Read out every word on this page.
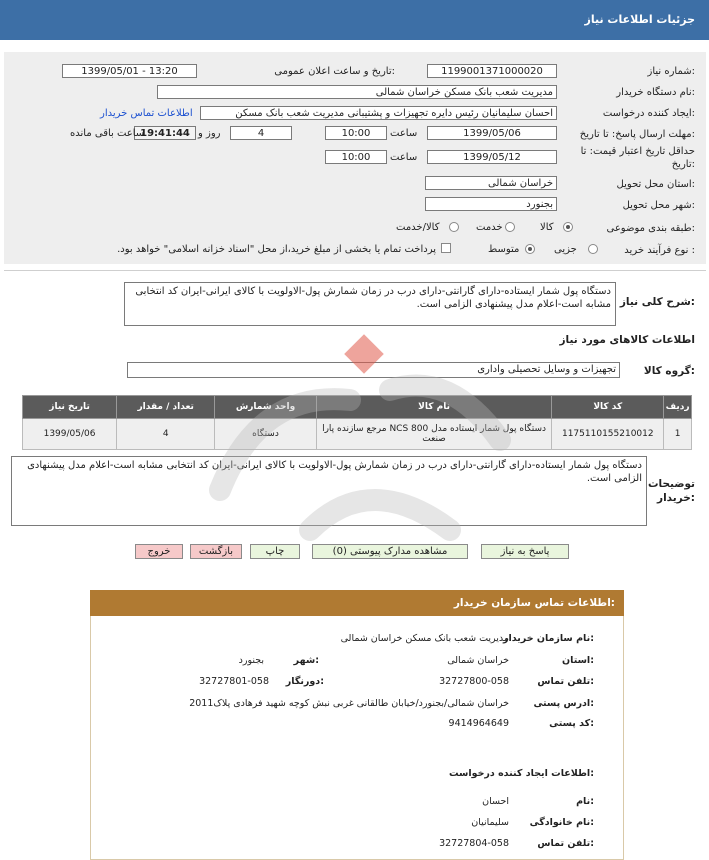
جزئیات اطلاعات نیاز
شماره نیاز:
1199001371000020
تاریخ و ساعت اعلان عمومی:
1399/05/01 - 13:20
نام دستگاه خریدار:
مدیریت شعب بانک مسکن خراسان شمالی
ایجاد کننده درخواست:
احسان سلیمانیان رئیس دایره تجهیزات و پشتیبانی مدیریت شعب بانک مسکن
اطلاعات تماس خریدار
مهلت ارسال پاسخ: تا تاریخ:
1399/05/06
ساعت
10:00
4
روز و
19:41:44
ساعت باقی مانده
حداقل تاریخ اعتبار قیمت: تا
تاریخ:
1399/05/12
ساعت
10:00
استان محل تحویل:
خراسان شمالی
شهر محل تحویل:
بجنورد
طبقه بندی موضوعی:
کالا
خدمت
کالا/خدمت
نوع فرآیند خرید :
جزیی
متوسط
پرداخت تمام یا بخشی از مبلغ خرید،از محل "اسناد خزانه اسلامی" خواهد بود.
شرح کلی نیاز:
دستگاه پول شمار ایستاده-دارای گارانتی-دارای درب در زمان شمارش پول-الاولویت با کالای ایرانی-ایران کد انتخابی مشابه است-اعلام مدل پیشنهادی الزامی است.
اطلاعات کالاهای مورد نیاز
گروه کالا:
تجهیزات و وسایل تحصیلی واداری
تاریخ نیاز	تعداد / مقدار	واحد شمارش	نام کالا	کد کالا	ردیف
1399/05/06	4	دستگاه	دستگاه پول شمار ایستاده مدل NCS 800 مرجع سازنده پارا صنعت	1175110155210012	1
دستگاه پول شمار ایستاده-دارای گارانتی-دارای درب در زمان شمارش پول-الاولویت با کالای ایرانی-ایران کد انتخابی مشابه است-اعلام مدل پیشنهادی الزامی است. توضیحات
خریدار:
پاسخ به نیاز
مشاهده مدارک پیوستی (0)
چاپ
بازگشت
خروج
اطلاعات تماس سازمان خریدار:
نام سازمان خریدار:
مدیریت شعب بانک مسکن خراسان شمالی
استان:
خراسان شمالی
شهر:
بجنورد
تلفن تماس:
32727800-058
دورنگار:
32727801-058
ادرس پستی:
خراسان شمالی/بجنورد/خیابان طالقانی غربی نبش کوچه شهید فرهادی پلاک2011
کد پستی:
9414964649
اطلاعات ایجاد کننده درخواست:
نام:
احسان
نام خانوادگی:
سلیمانیان
تلفن تماس:
32727804-058
